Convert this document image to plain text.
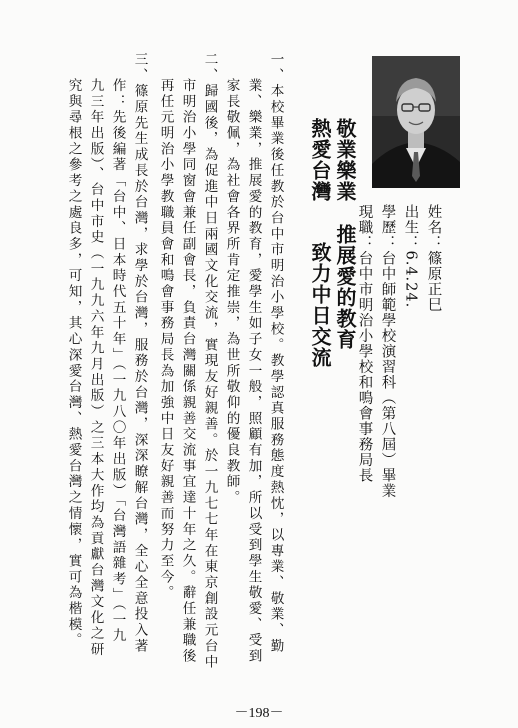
姓名：篠原正巳
出生：6.4.24.
學歷：台中師範學校演習科（第八屆）畢業
現職：台中市明治小學校和鳴會事務局長
敬業樂業
熱愛台灣
推展愛的教育
致力中日交流
一、本校畢業後任教於台中市明治小學校。教學認真服務態度熱忱，以專業、敬業、勤
業、樂業，推展愛的教育，愛學生如子女一般，照顧有加，所以受到學生敬愛、受到
家長敬佩，為社會各界所肯定推崇，為世所敬仰的優良教師。
二、歸國後，為促進中日兩國文化交流，實現友好親善。於一九七七年在東京創設元台中
市明治小學同窗會兼任副會長，負責台灣關係親善交流事宜達十年之久。辭任兼職後
再任元明治小學教職員會和鳴會事務局長為加強中日友好親善而努力至今。
三、篠原先生成長於台灣，求學於台灣，服務於台灣，深深瞭解台灣，全心全意投入著
作：先後編著「台中、日本時代五十年」（一九八〇年出版）「台灣語雜考」（一九
九三年出版）、台中市史（一九九六年九月出版）之三本大作均為貢獻台灣文化之研
究與尋根之參考之處良多，可知，其心深愛台灣、熱愛台灣之情懷，實可為楷模。
－198－
